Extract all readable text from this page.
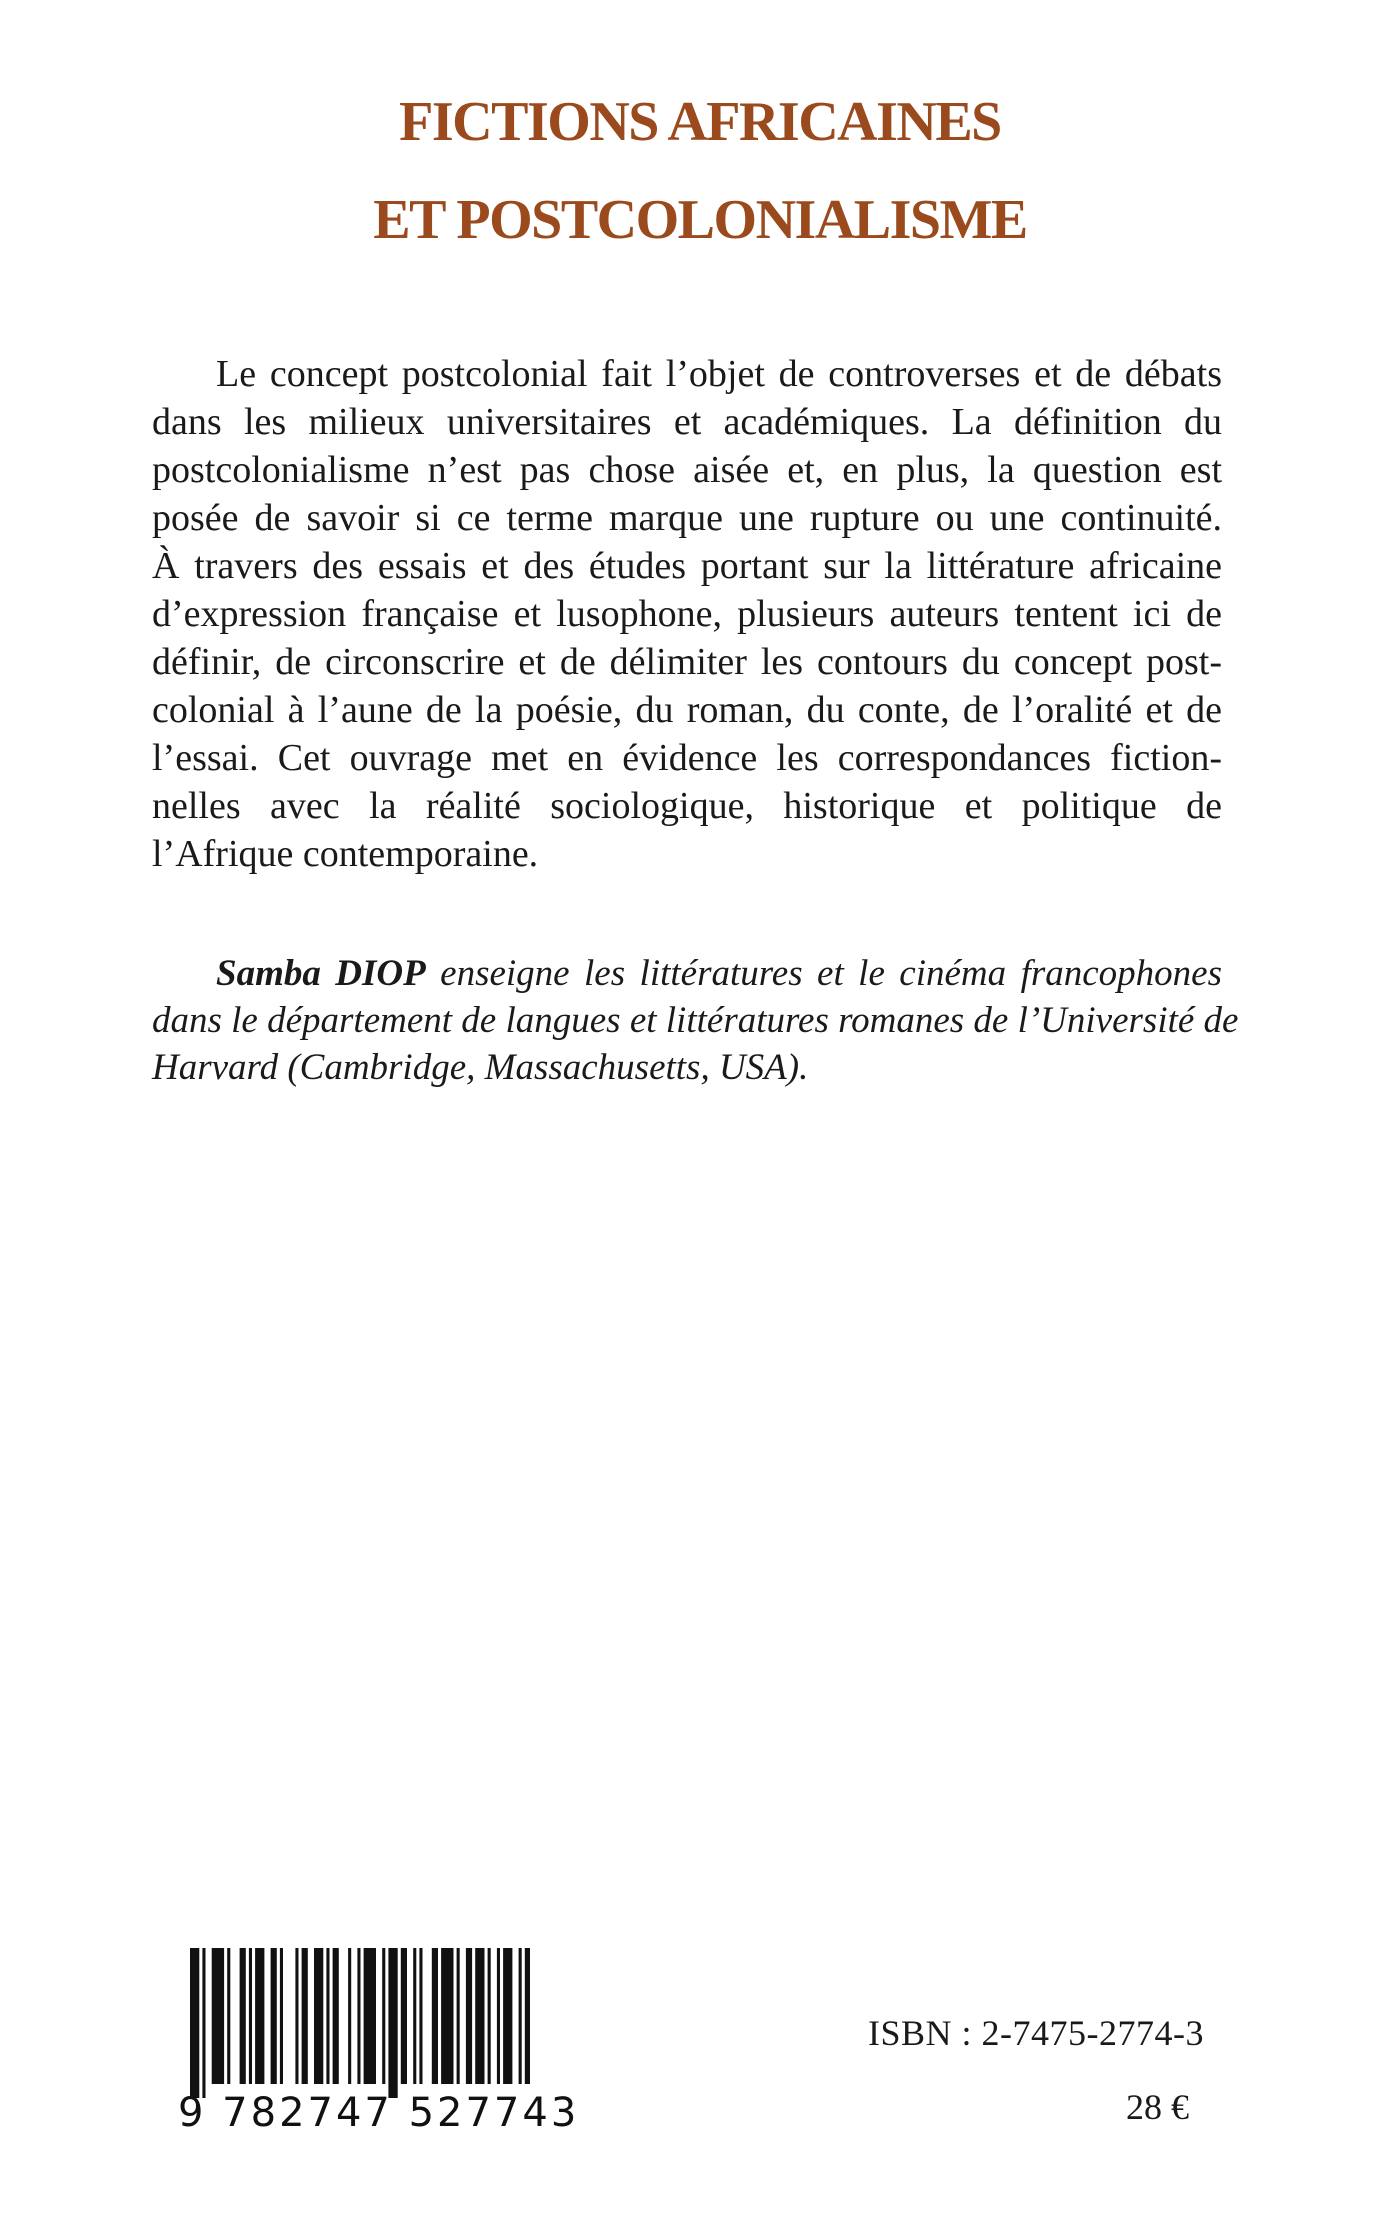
FICTIONS AFRICAINES
ET POSTCOLONIALISME

Le concept postcolonial fait l’objet de controverses et de débats
dans les milieux universitaires et académiques. La définition du
postcolonialisme n’est pas chose aisée et, en plus, la question est
posée de savoir si ce terme marque une rupture ou une continuité.
À travers des essais et des études portant sur la littérature africaine
d’expression française et lusophone, plusieurs auteurs tentent ici de
définir, de circonscrire et de délimiter les contours du concept post-
colonial à l’aune de la poésie, du roman, du conte, de l’oralité et de
l’essai. Cet ouvrage met en évidence les correspondances fiction-
nelles avec la réalité sociologique, historique et politique de
l’Afrique contemporaine.

Samba DIOP enseigne les littératures et le cinéma francophones
dans le département de langues et littératures romanes de l’Université de
Harvard (Cambridge, Massachusetts, USA).

9 782747 527743
ISBN : 2-7475-2774-3
28 €
